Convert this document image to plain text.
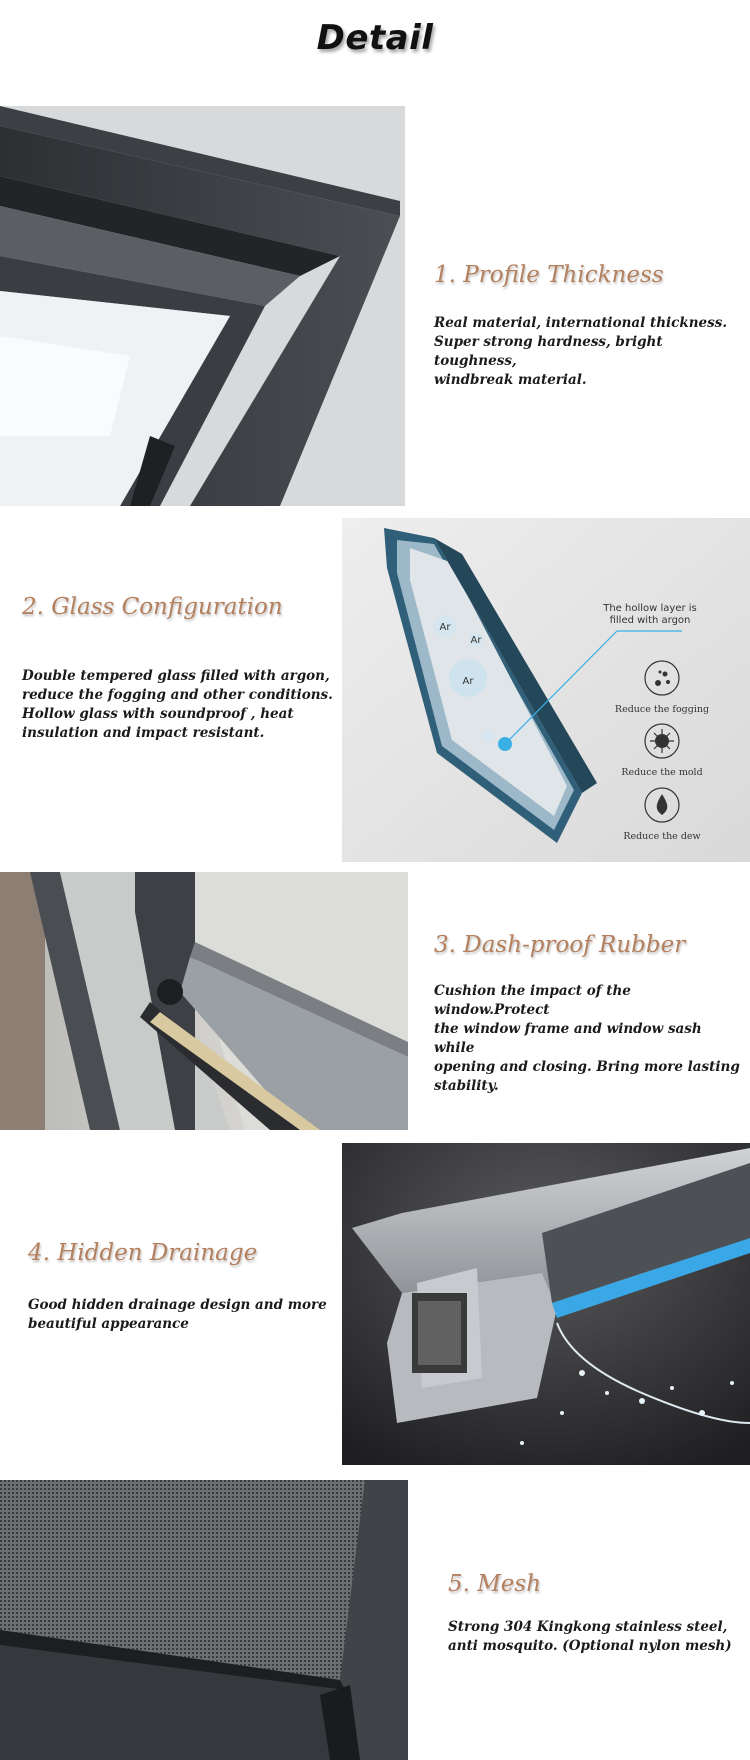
Detail
1. Profile Thickness
Real material, international thickness.
Super strong hardness, bright toughness,
windbreak material.
2. Glass Configuration
Double tempered glass filled with argon,
reduce the fogging and other conditions.
Hollow glass with soundproof , heat
insulation and impact resistant.
Ar
Ar
Ar
The hollow layer is
filled with argon
Reduce the fogging
Reduce the mold
Reduce the dew
3. Dash-proof Rubber
Cushion the impact of the window.Protect
the window frame and window sash while
opening and closing. Bring more lasting
stability.
4. Hidden Drainage
Good hidden drainage design and more
beautiful appearance
5. Mesh
Strong 304 Kingkong stainless steel,
anti mosquito. (Optional nylon mesh)
